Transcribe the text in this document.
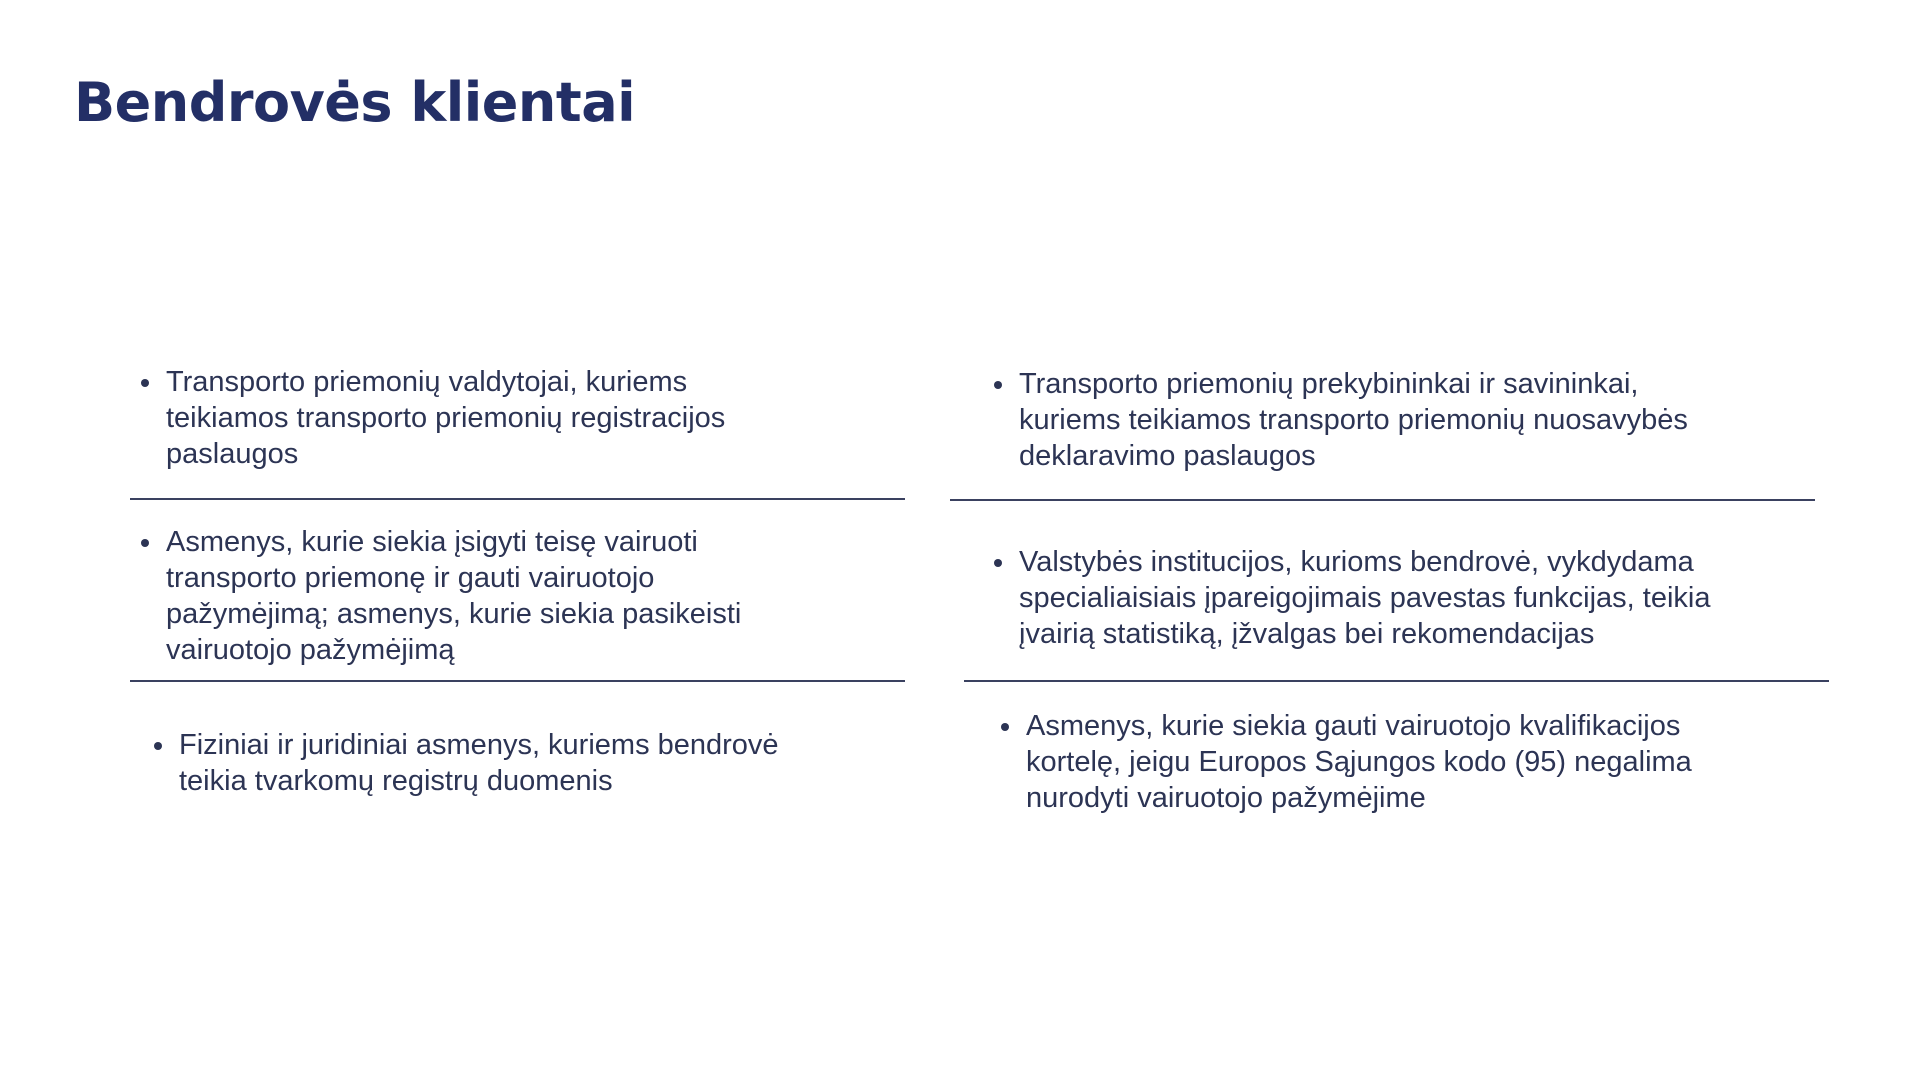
Bendrovės klientai
Transporto priemonių valdytojai, kuriems
teikiamos transporto priemonių registracijos
paslaugos
Asmenys, kurie siekia įsigyti teisę vairuoti
transporto priemonę ir gauti vairuotojo
pažymėjimą; asmenys, kurie siekia pasikeisti
vairuotojo pažymėjimą
Fiziniai ir juridiniai asmenys, kuriems bendrovė
teikia tvarkomų registrų duomenis
Transporto priemonių prekybininkai ir savininkai,
kuriems teikiamos transporto priemonių nuosavybės
deklaravimo paslaugos
Valstybės institucijos, kurioms bendrovė, vykdydama
specialiaisiais įpareigojimais pavestas funkcijas, teikia
įvairią statistiką, įžvalgas bei rekomendacijas
Asmenys, kurie siekia gauti vairuotojo kvalifikacijos
kortelę, jeigu Europos Sąjungos kodo (95) negalima
nurodyti vairuotojo pažymėjime
